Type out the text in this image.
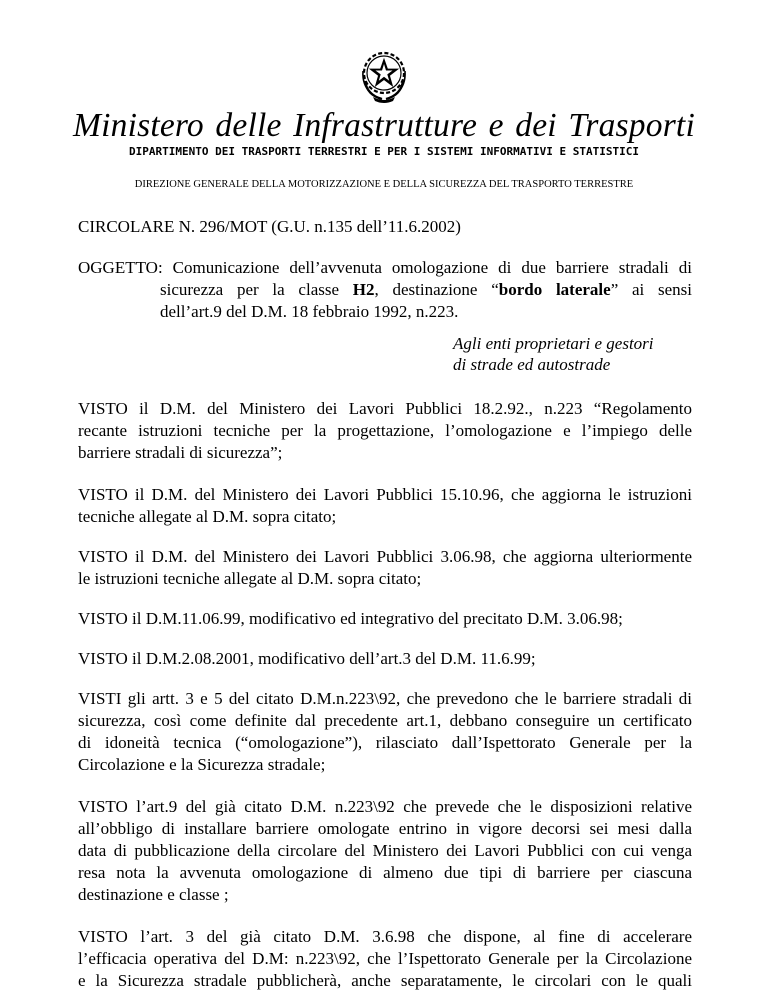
Ministero delle Infrastrutture e dei Trasporti
DIPARTIMENTO DEI TRASPORTI TERRESTRI E PER I SISTEMI INFORMATIVI E STATISTICI
DIREZIONE GENERALE DELLA MOTORIZZAZIONE E DELLA SICUREZZA DEL TRASPORTO TERRESTRE
CIRCOLARE N. 296/MOT (G.U. n.135 dell’11.6.2002)
OGGETTO: Comunicazione dell’avvenuta omologazione di due barriere stradali di
sicurezza per la classe H2, destinazione “bordo laterale” ai sensi
dell’art.9 del D.M. 18 febbraio 1992, n.223.
Agli enti proprietari e gestori
di strade ed autostrade
VISTO il D.M. del Ministero dei Lavori Pubblici 18.2.92., n.223 “Regolamento
recante istruzioni tecniche per la progettazione, l’omologazione e l’impiego delle
barriere stradali di sicurezza”;
VISTO il D.M. del Ministero dei Lavori Pubblici 15.10.96, che aggiorna le istruzioni
tecniche allegate al D.M. sopra citato;
VISTO il D.M. del Ministero dei Lavori Pubblici 3.06.98, che aggiorna ulteriormente
le istruzioni tecniche allegate al D.M. sopra citato;
VISTO il D.M.11.06.99, modificativo ed integrativo del precitato D.M. 3.06.98;
VISTO il D.M.2.08.2001, modificativo dell’art.3 del D.M. 11.6.99;
VISTI gli artt. 3 e 5 del citato D.M.n.223\92, che prevedono che le barriere stradali di
sicurezza, così come definite dal precedente art.1, debbano conseguire un certificato
di idoneità tecnica (“omologazione”), rilasciato dall’Ispettorato Generale per la
Circolazione e la Sicurezza stradale;
VISTO l’art.9 del già citato D.M. n.223\92 che prevede che le disposizioni relative
all’obbligo di installare barriere omologate entrino in vigore decorsi sei mesi dalla
data di pubblicazione della circolare del Ministero dei Lavori Pubblici con cui venga
resa nota la avvenuta omologazione di almeno due tipi di barriere per ciascuna
destinazione e classe ;
VISTO l’art. 3 del già citato D.M. 3.6.98 che dispone, al fine di accelerare
l’efficacia operativa del D.M: n.223\92, che l’Ispettorato Generale per la Circolazione
e la Sicurezza stradale pubblicherà, anche separatamente, le circolari con le quali
